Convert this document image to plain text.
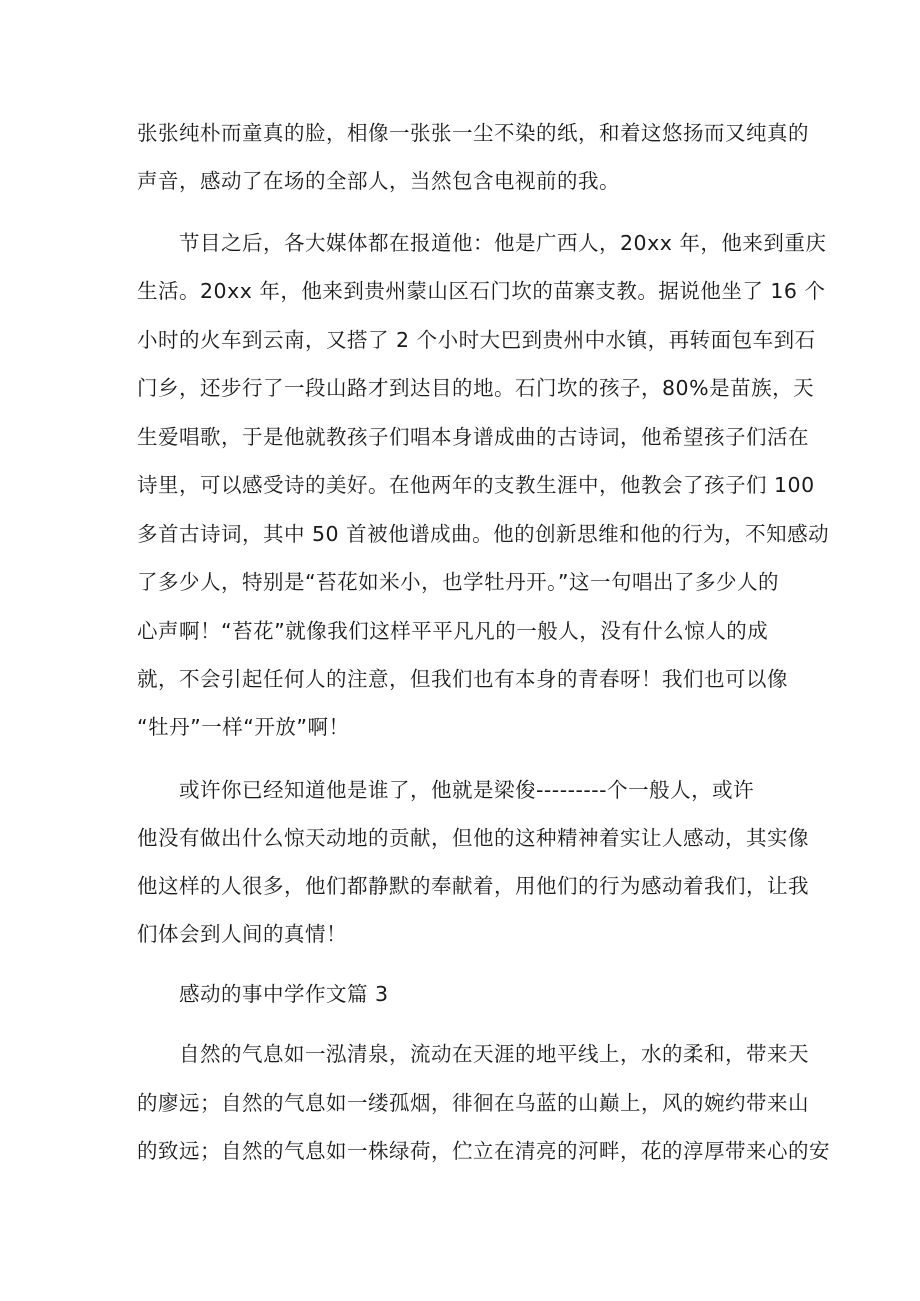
张张纯朴而童真的脸，相像一张张一尘不染的纸，和着这悠扬而又纯真的
声音，感动了在场的全部人，当然包含电视前的我。
节目之后，各大媒体都在报道他：他是广西人，20xx 年，他来到重庆
生活。20xx 年，他来到贵州蒙山区石门坎的苗寨支教。据说他坐了 16 个
小时的火车到云南，又搭了 2 个小时大巴到贵州中水镇，再转面包车到石
门乡，还步行了一段山路才到达目的地。石门坎的孩子，80%是苗族，天
生爱唱歌，于是他就教孩子们唱本身谱成曲的古诗词，他希望孩子们活在
诗里，可以感受诗的美好。在他两年的支教生涯中，他教会了孩子们 100
多首古诗词，其中 50 首被他谱成曲。他的创新思维和他的行为，不知感动
了多少人，特别是“苔花如米小，也学牡丹开。”这一句唱出了多少人的
心声啊！“苔花”就像我们这样平平凡凡的一般人，没有什么惊人的成
就，不会引起任何人的注意，但我们也有本身的青春呀！我们也可以像
“牡丹”一样“开放”啊！
或许你已经知道他是谁了，他就是梁俊---------个一般人，或许
他没有做出什么惊天动地的贡献，但他的这种精神着实让人感动，其实像
他这样的人很多，他们都静默的奉献着，用他们的行为感动着我们，让我
们体会到人间的真情！
感动的事中学作文篇 3
自然的气息如一泓清泉，流动在天涯的地平线上，水的柔和，带来天
的廖远；自然的气息如一缕孤烟，徘徊在乌蓝的山巅上，风的婉约带来山
的致远；自然的气息如一株绿荷，伫立在清亮的河畔，花的淳厚带来心的安
